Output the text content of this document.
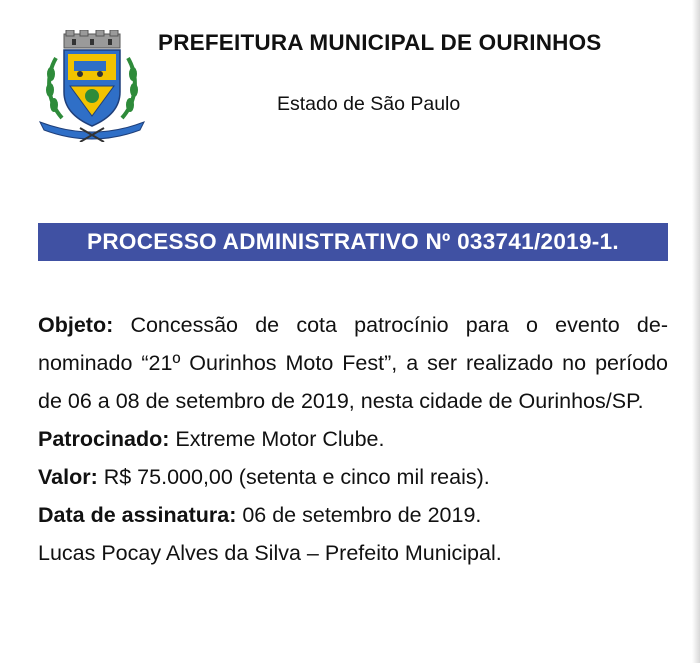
PREFEITURA MUNICIPAL DE OURINHOS
Estado de São Paulo
PROCESSO ADMINISTRATIVO Nº 033741/2019-1.

Objeto: Concessão de cota patrocínio para o evento de-nominado “21º Ourinhos Moto Fest”, a ser realizado no período de 06 a 08 de setembro de 2019, nesta cidade de Ourinhos/SP.

Patrocinado: Extreme Motor Clube.

Valor: R$ 75.000,00 (setenta e cinco mil reais).

Data de assinatura: 06 de setembro de 2019.

Lucas Pocay Alves da Silva – Prefeito Municipal.
